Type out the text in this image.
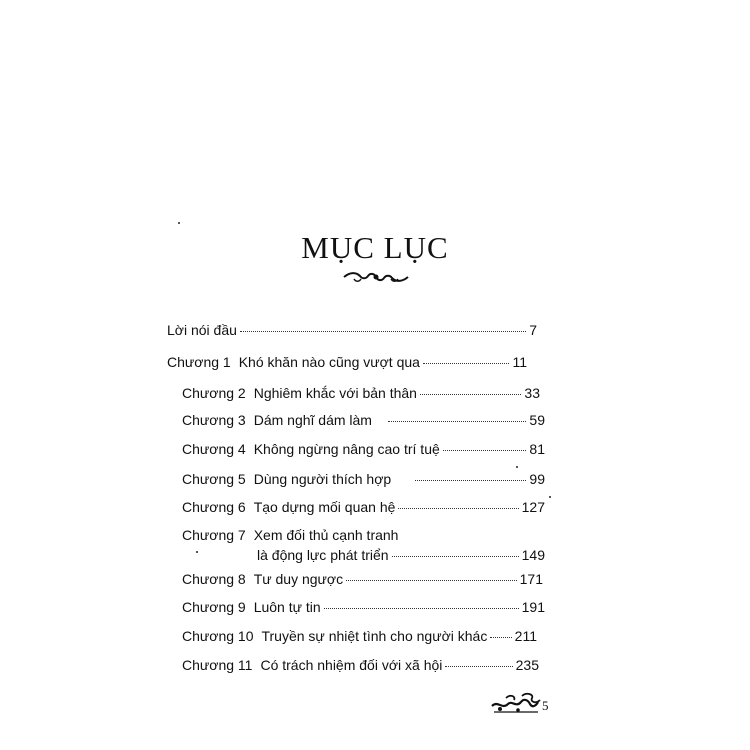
MỤC LỤC
Lời nói đầu	7
Chương 1 Khó khăn nào cũng vượt qua	11
Chương 2 Nghiêm khắc với bản thân	33
Chương 3 Dám nghĩ dám làm	59
Chương 4 Không ngừng nâng cao trí tuệ	81
Chương 5 Dùng người thích hợp	99
Chương 6 Tạo dựng mối quan hệ	127
Chương 7 Xem đối thủ cạnh tranh
là động lực phát triển	149
Chương 8 Tư duy ngược	171
Chương 9 Luôn tự tin	191
Chương 10 Truyền sự nhiệt tình cho người khác 211
Chương 11 Có trách nhiệm đối với xã hội	235
5
